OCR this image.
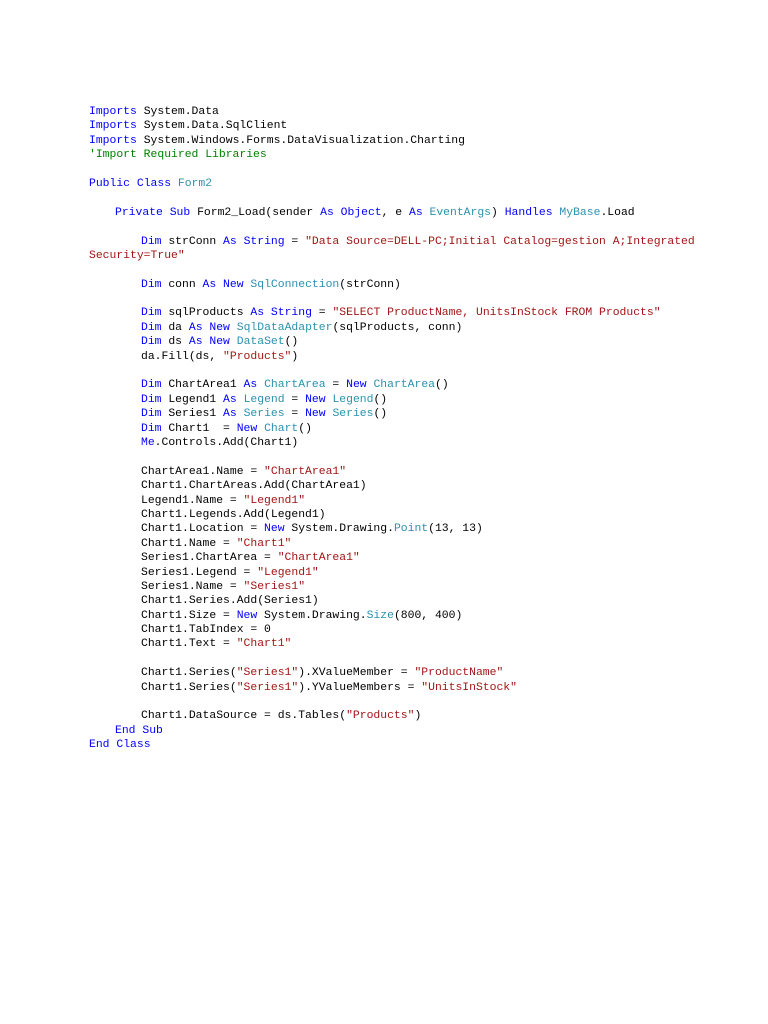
Imports System.Data
Imports System.Data.SqlClient
Imports System.Windows.Forms.DataVisualization.Charting
'Import Required Libraries
Public Class Form2
Private Sub Form2_Load(sender As Object, e As EventArgs) Handles MyBase.Load
Dim strConn As String = "Data Source=DELL-PC;Initial Catalog=gestion A;Integrated
Security=True"
Dim conn As New SqlConnection(strConn)
Dim sqlProducts As String = "SELECT ProductName, UnitsInStock FROM Products"
Dim da As New SqlDataAdapter(sqlProducts, conn)
Dim ds As New DataSet()
da.Fill(ds, "Products")
Dim ChartArea1 As ChartArea = New ChartArea()
Dim Legend1 As Legend = New Legend()
Dim Series1 As Series = New Series()
Dim Chart1  = New Chart()
Me.Controls.Add(Chart1)
ChartArea1.Name = "ChartArea1"
Chart1.ChartAreas.Add(ChartArea1)
Legend1.Name = "Legend1"
Chart1.Legends.Add(Legend1)
Chart1.Location = New System.Drawing.Point(13, 13)
Chart1.Name = "Chart1"
Series1.ChartArea = "ChartArea1"
Series1.Legend = "Legend1"
Series1.Name = "Series1"
Chart1.Series.Add(Series1)
Chart1.Size = New System.Drawing.Size(800, 400)
Chart1.TabIndex = 0
Chart1.Text = "Chart1"
Chart1.Series("Series1").XValueMember = "ProductName"
Chart1.Series("Series1").YValueMembers = "UnitsInStock"
Chart1.DataSource = ds.Tables("Products")
End Sub
End Class
